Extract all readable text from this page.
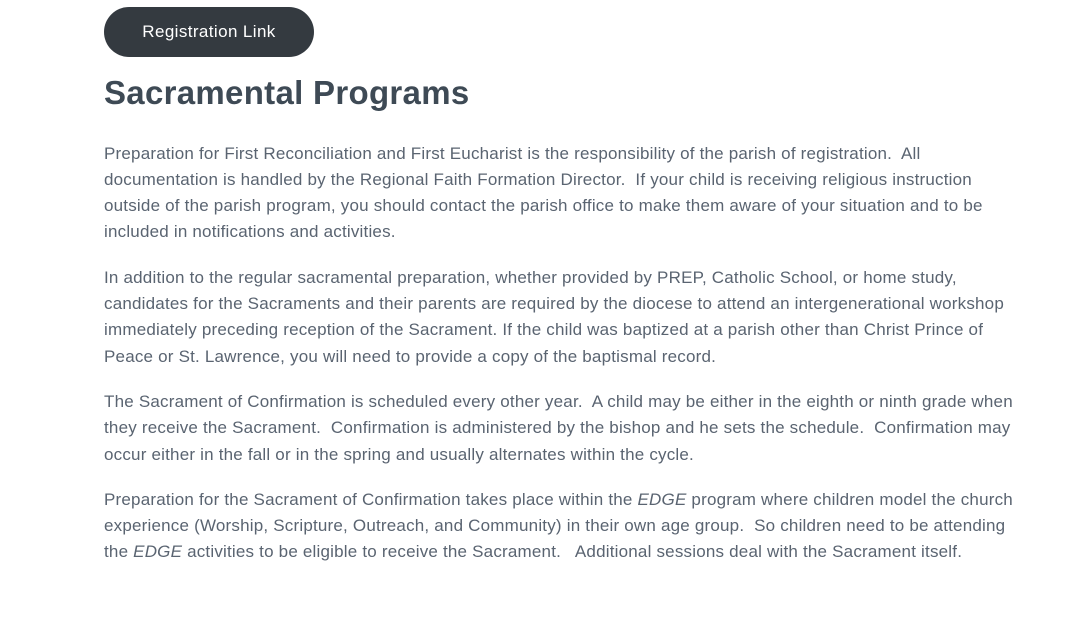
Registration Link
Sacramental Programs

Preparation for First Reconciliation and First Eucharist is the responsibility of the parish of registration.  All documentation is handled by the Regional Faith Formation Director.  If your child is receiving religious instruction outside of the parish program, you should contact the parish office to make them aware of your situation and to be included in notifications and activities.

In addition to the regular sacramental preparation, whether provided by PREP, Catholic School, or home study, candidates for the Sacraments and their parents are required by the diocese to attend an intergenerational workshop immediately preceding reception of the Sacrament. If the child was baptized at a parish other than Christ Prince of Peace or St. Lawrence, you will need to provide a copy of the baptismal record.

The Sacrament of Confirmation is scheduled every other year.  A child may be either in the eighth or ninth grade when they receive the Sacrament.  Confirmation is administered by the bishop and he sets the schedule.  Confirmation may occur either in the fall or in the spring and usually alternates within the cycle.

Preparation for the Sacrament of Confirmation takes place within the EDGE program where children model the church experience (Worship, Scripture, Outreach, and Community) in their own age group.  So children need to be attending the EDGE activities to be eligible to receive the Sacrament.   Additional sessions deal with the Sacrament itself.
